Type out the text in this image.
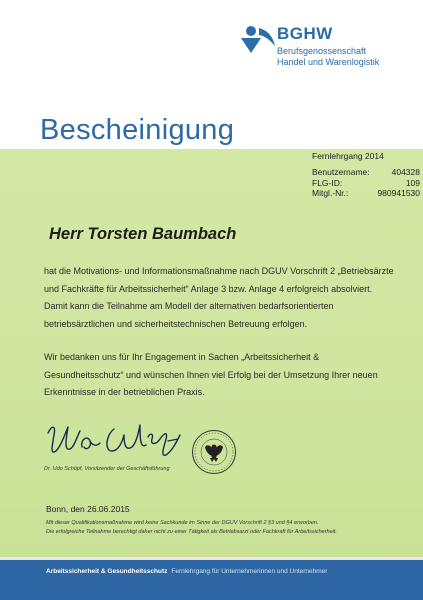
BGHW
Berufsgenossenschaft
Handel und Warenlogistik
Bescheinigung
Fernlehrgang 2014
Benutzername:	404328
FLG-ID:	109
Mitgl.-Nr.:	980941530
Herr Torsten Baumbach
hat die Motivations- und Informationsmaßnahme nach DGUV Vorschrift 2 „Betriebsärzte und Fachkräfte für Arbeitssicherheit“ Anlage 3 bzw. Anlage 4 erfolgreich absolviert. Damit kann die Teilnahme am Modell der alternativen bedarfsorientierten betriebsärztlichen und sicherheitstechnischen Betreuung erfolgen.
Wir bedanken uns für Ihr Engagement in Sachen „Arbeitssicherheit & Gesundheitsschutz“ und wünschen Ihnen viel Erfolg bei der Umsetzung Ihrer neuen Erkenntnisse in der betrieblichen Praxis.
Dr. Udo Schöpf, Vorsitzender der Geschäftsführung
Bonn, den 26.06.2015
Mit dieser Qualifikationsmaßnahme wird keine Sachkunde im Sinne der DGUV Vorschrift 2 §3 und §4 erworben.
Die erfolgreiche Teilnahme berechtigt daher nicht zu einer Tätigkeit als Betriebsarzt oder Fachkraft für Arbeitssicherheit.
Arbeitssicherheit & Gesundheitsschutz Fernlehrgang für Unternehmerinnen und Unternehmer
